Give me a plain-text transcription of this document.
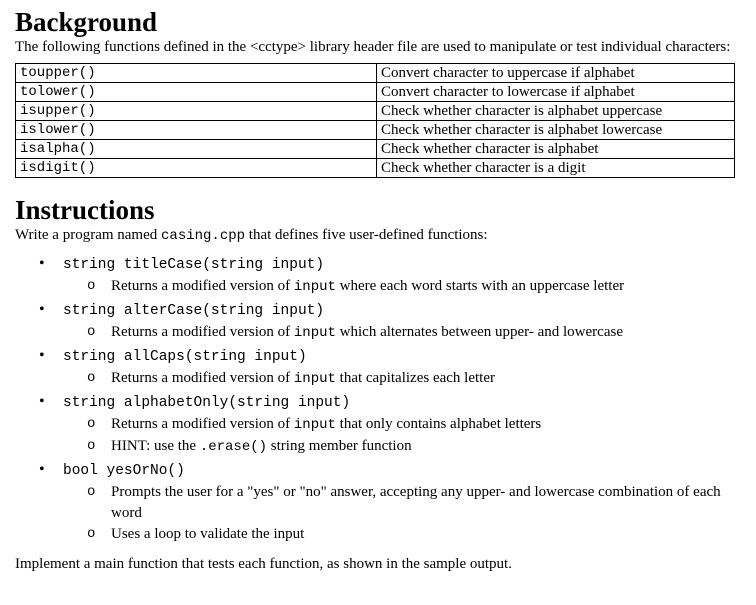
Background

The following functions defined in the <cctype> library header file are used to manipulate or test individual characters:

toupper()	Convert character to uppercase if alphabet
tolower()	Convert character to lowercase if alphabet
isupper()	Check whether character is alphabet uppercase
islower()	Check whether character is alphabet lowercase
isalpha()	Check whether character is alphabet
isdigit()	Check whether character is a digit
Instructions

Write a program named casing.cpp that defines five user-defined functions:

• string titleCase(string input)
o Returns a modified version of input where each word starts with an uppercase letter
• string alterCase(string input)
o Returns a modified version of input which alternates between upper- and lowercase
• string allCaps(string input)
o Returns a modified version of input that capitalizes each letter
• string alphabetOnly(string input)
o Returns a modified version of input that only contains alphabet letters
o HINT: use the .erase() string member function
• bool yesOrNo()
o Prompts the user for a "yes" or "no" answer, accepting any upper- and lowercase combination of each word
o Uses a loop to validate the input

Implement a main function that tests each function, as shown in the sample output.
